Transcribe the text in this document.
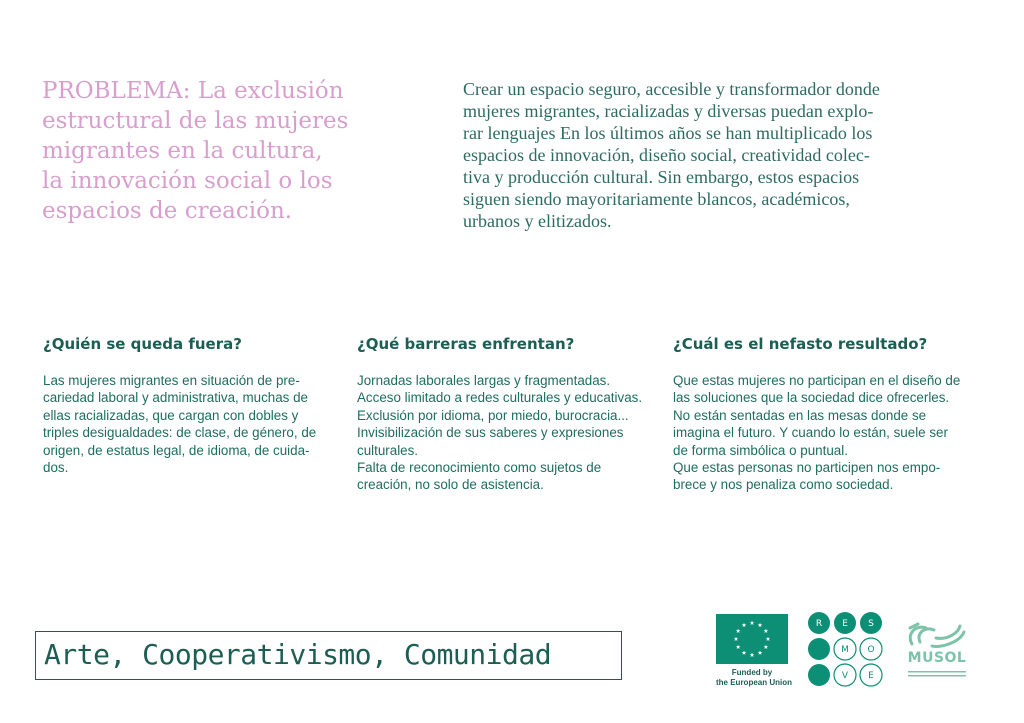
PROBLEMA: La exclusión
estructural de las mujeres
migrantes en la cultura,
la innovación social o los
espacios de creación.
Crear un espacio seguro, accesible y transformador donde
mujeres migrantes, racializadas y diversas puedan explo-
rar lenguajes En los últimos años se han multiplicado los
espacios de innovación, diseño social, creatividad colec-
tiva y producción cultural. Sin embargo, estos espacios
siguen siendo mayoritariamente blancos, académicos,
urbanos y elitizados.
¿Quién se queda fuera?

Las mujeres migrantes en situación de pre-
cariedad laboral y administrativa, muchas de
ellas racializadas, que cargan con dobles y
triples desigualdades: de clase, de género, de
origen, de estatus legal, de idioma, de cuida-
dos.

¿Qué barreras enfrentan?

Jornadas laborales largas y fragmentadas.
Acceso limitado a redes culturales y educativas.
Exclusión por idioma, por miedo, burocracia...
Invisibilización de sus saberes y expresiones
culturales.
Falta de reconocimiento como sujetos de
creación, no solo de asistencia.

¿Cuál es el nefasto resultado?

Que estas mujeres no participan en el diseño de
las soluciones que la sociedad dice ofrecerles.
No están sentadas en las mesas donde se
imagina el futuro. Y cuando lo están, suele ser
de forma simbólica o puntual.
Que estas personas no participen nos empo-
brece y nos penaliza como sociedad.

Arte, Cooperativismo, Comunidad
Funded by
the European Union
R E S
M O
V E
MUSOL
